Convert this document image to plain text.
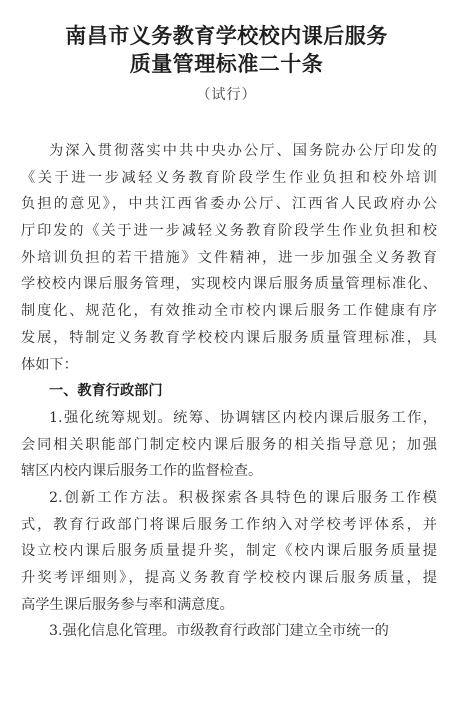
南昌市义务教育学校校内课后服务
质量管理标准二十条
（试行）
为深入贯彻落实中共中央办公厅、国务院办公厅印发的
《关于进一步减轻义务教育阶段学生作业负担和校外培训
负担的意见》，中共江西省委办公厅、江西省人民政府办公
厅印发的《关于进一步减轻义务教育阶段学生作业负担和校
外培训负担的若干措施》文件精神，进一步加强全义务教育
学校校内课后服务管理，实现校内课后服务质量管理标准化、
制度化、规范化，有效推动全市校内课后服务工作健康有序
发展，特制定义务教育学校校内课后服务质量管理标准，具
体如下：
一、教育行政部门
1.强化统筹规划。统筹、协调辖区内校内课后服务工作，
会同相关职能部门制定校内课后服务的相关指导意见；加强
辖区内校内课后服务工作的监督检查。
2.创新工作方法。积极探索各具特色的课后服务工作模
式，教育行政部门将课后服务工作纳入对学校考评体系，并
设立校内课后服务质量提升奖，制定《校内课后服务质量提
升奖考评细则》，提高义务教育学校校内课后服务质量，提
高学生课后服务参与率和满意度。
3.强化信息化管理。市级教育行政部门建立全市统一的
